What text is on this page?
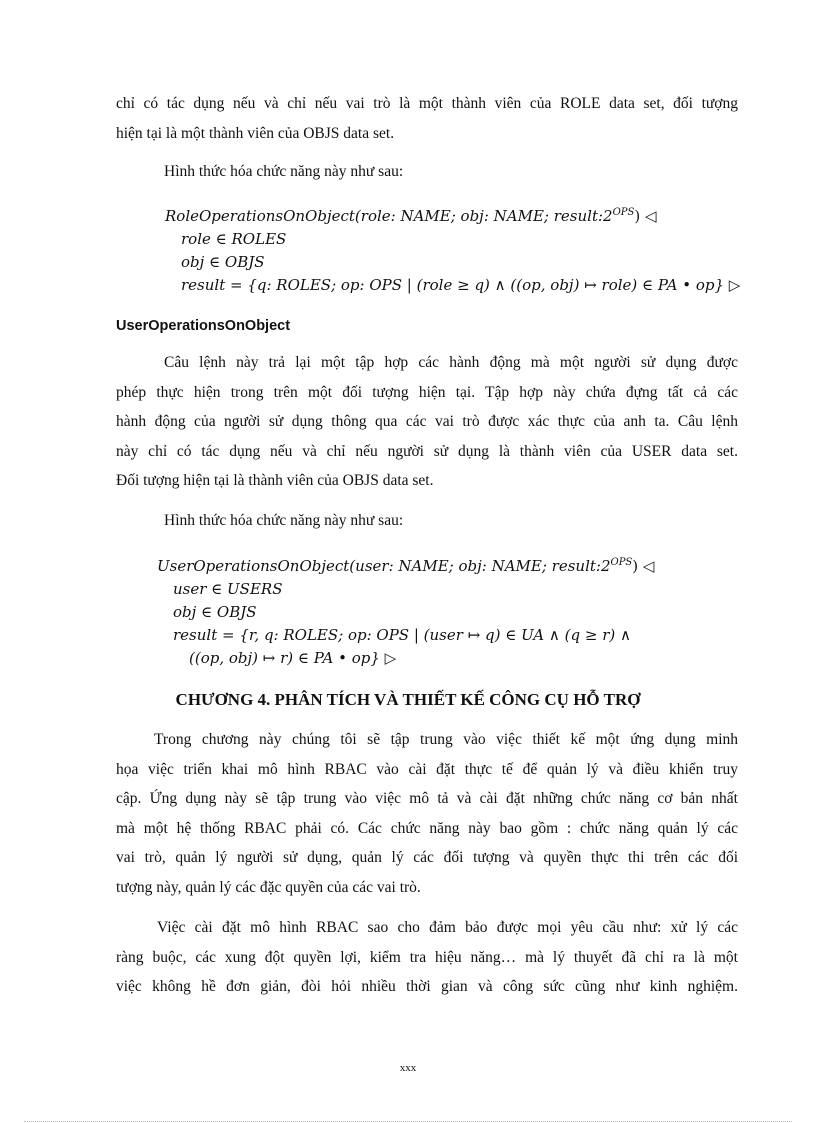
chỉ có tác dụng nếu và chỉ nếu vai trò là một thành viên của ROLE data set, đối tượng
hiện tại là một thành viên của OBJS data set.

Hình thức hóa chức năng này như sau:

RoleOperationsOnObject(role: NAME; obj: NAME; $result:2^{OPS}$) ◁
role ∈ ROLES
obj ∈ OBJS
result = {q: ROLES; op: OPS | (role ≥ q) ∧ ((op, obj) ↦ role) ∈ PA • op} ▷

UserOperationsOnObject

Câu lệnh này trả lại một tập hợp các hành động mà một người sử dụng được
phép thực hiện trong trên một đối tượng hiện tại. Tập hợp này chứa đựng tất cả các
hành động của người sử dụng thông qua các vai trò được xác thực của anh ta. Câu lệnh
này chỉ có tác dụng nếu và chỉ nếu người sử dụng là thành viên của USER data set.
Đối tượng hiện tại là thành viên của OBJS data set.

Hình thức hóa chức năng này như sau:

UserOperationsOnObject(user: NAME; obj: NAME; $result:2^{OPS}$) ◁
user ∈ USERS
obj ∈ OBJS
result = {r, q: ROLES; op: OPS | (user ↦ q) ∈ UA ∧ (q ≥ r) ∧
((op, obj) ↦ r) ∈ PA • op} ▷

CHƯƠNG 4. PHÂN TÍCH VÀ THIẾT KẾ CÔNG CỤ HỖ TRỢ

Trong chương này chúng tôi sẽ tập trung vào việc thiết kế một ứng dụng minh
họa việc triển khai mô hình RBAC vào cài đặt thực tế để quản lý và điều khiển truy
cập. Ứng dụng này sẽ tập trung vào việc mô tả và cài đặt những chức năng cơ bản nhất
mà một hệ thống RBAC phải có. Các chức năng này bao gồm : chức năng quản lý các
vai trò, quản lý người sử dụng, quản lý các đối tượng và quyền thực thi trên các đối
tượng này, quản lý các đặc quyền của các vai trò.
Việc cài đặt mô hình RBAC sao cho đảm bảo được mọi yêu cầu như: xử lý các
ràng buộc, các xung đột quyền lợi, kiểm tra hiệu năng… mà lý thuyết đã chỉ ra là một
việc không hề đơn giản, đòi hỏi nhiều thời gian và công sức cũng như kinh nghiệm.
xxx
